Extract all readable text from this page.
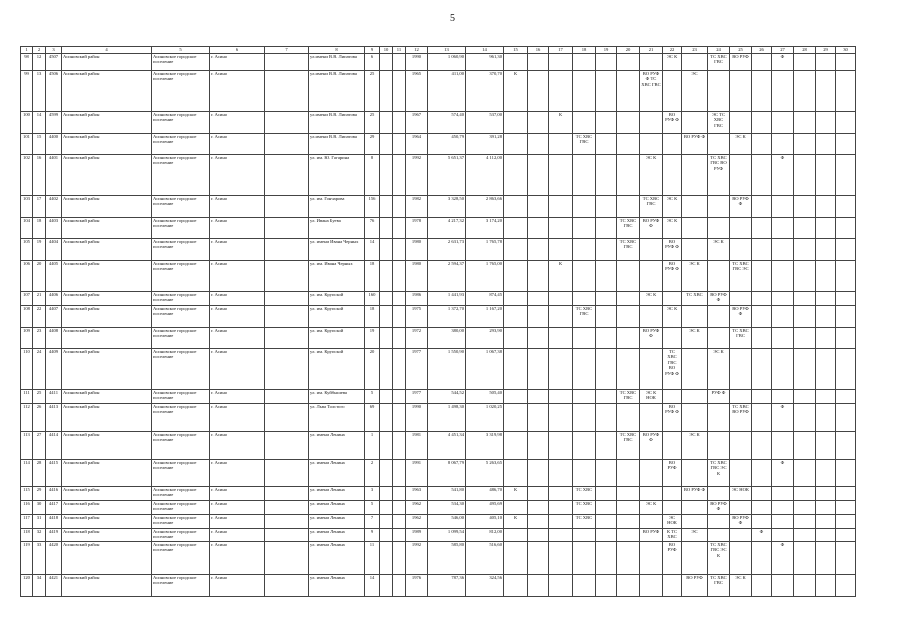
5
1	2	3	4	5	6	7	8	9	10	11	12	13	14	15	16	17	18	19	20	21	22	23	24	25	26	27	28	29	30
98	12	4507	Асиновский район	Асиновское городское поселение	г. Асино		ул.имени В.В. Липатова	6			1990	1 060,90	961,30								ЭС К		ТС ХВС ГВС	ВО РУФ		Ф			
99	13	4506	Асиновский район	Асиновское городское поселение	г. Асино		ул.имени В.В. Липатова	25			1965	411,00	370,70	К						ВО РУФ Ф ТС ХВС ГВС		ЭС							
100	14	4599	Асиновский район	Асиновское городское поселение	г. Асино		ул.имени В.В. Липатова	25			1967	574,40	537,00			К					ВО РУФ Ф		ЭС ТС ХВС ГВС						
101	15	4400	Асиновский район	Асиновское городское поселение	г. Асино		ул.имени В.В. Липатова	29			1964	450,79	391,28				ТС ХВС ГВС					ВО РУФ Ф		ЭС К					
102	16	4401	Асиновский район	Асиновское городское поселение	г. Асино		ул. им. Ю. Гагарина	8			1992	5 651,37	4 112,00							ЭС К			ТС ХВС ГВС ВО РУФ			Ф			
103	17	4402	Асиновский район	Асиновское городское поселение	г. Асино		ул. им. Гончарова	156			1982	3 328,50	2 863,66							ТС ХВС ГВС	ЭС К			ВО РУФ Ф					
104	18	4403	Асиновский район	Асиновское городское поселение	г. Асино		ул. Ивана Буева	76			1978	4 217,32	3 174,20						ТС ХВС ГВС	ВО РУФ Ф	ЭС К								
105	19	4404	Асиновский район	Асиновское городское поселение	г. Асино		ул. имени Ивана Черных	14			1980	2 631,73	1 765,78						ТС ХВС ГВС		ВО РУФ Ф		ЭС К						
106	20	4405	Асиновский район	Асиновское городское поселение	г. Асино		ул. им. Ивана Черных	18			1980	2 594,37	1 765,00			К					ВО РУФ Ф	ЭС К		ТС ХВС ГВС ЭС					
107	21	4406	Асиновский район	Асиновское городское поселение	г. Асино		ул. им. Крупской	160			1986	1 441,93	874,45							ЭС К		ТС ХВС	ВО РУФ Ф						
108	22	4407	Асиновский район	Асиновское городское поселение	г. Асино		ул. им. Крупской	18			1975	1 372,70	1 167,20				ТС ХВС ГВС				ЭС К			ВО РУФ Ф					
109	23	4408	Асиновский район	Асиновское городское поселение	г. Асино		ул. им. Крупской	19			1972	380,00	293,90							ВО РУФ Ф		ЭС К		ТС ХВС ГВС					
110	24	4409	Асиновский район	Асиновское городское поселение	г. Асино		ул. им. Крупской	20			1977	1 550,90	1 067,38								ТС ХВС ГВС ВО РУФ Ф		ЭС К						
111	25	4411	Асиновский район	Асиновское городское поселение	г. Асино		ул. им. Куйбышева	5			1977	544,52	505,40						ТС ХВС ГВС	ЭС К НОК			РУФ Ф						
112	26	4413	Асиновский район	Асиновское городское поселение	г. Асино		ул. Льва Толстого	69			1990	1 498,30	1 020,25								ВО РУФ Ф			ТС ХВС ВО РУФ		Ф			
113	27	4414	Асиновский район	Асиновское городское поселение	г. Асино		ул. имени Ленина	1			1981	4 451,34	3 319,98						ТС ХВС ГВС	ВО РУФ Ф		ЭС К							
114	28	4415	Асиновский район	Асиновское городское поселение	г. Асино		ул. имени Ленина	2			1991	8 067,79	5 263,65								ВО РУФ		ТС ХВС ГВС ЭС К			Ф			
115	29	4416	Асиновский район	Асиновское городское поселение	г. Асино		ул. имени Ленина	3			1963	541,80	486,70	К			ТС ХВС					ВО РУФ Ф		ЭС НОК					
116	30	4417	Асиновский район	Асиновское городское поселение	г. Асино		ул. имени Ленина	5			1962	534,30	495,69				ТС ХВС			ЭС К			ВО РУФ Ф						
117	31	4418	Асиновский район	Асиновское городское поселение	г. Асино		ул. имени Ленина	7			1962	546,00	405,10	К			ТС ХВС				ЭС НОК			ВО РУФ Ф					
118	32	4419	Асиновский район	Асиновское городское поселение	г. Асино		ул. имени Ленина	9			1989	1 099,54	812,00							ВО РУФ	К ТС ХВС	ЭС			Ф				
119	33	4420	Асиновский район	Асиновское городское поселение	г. Асино		ул. имени Ленина	11			1992	585,80	516,60								ВО РУФ		ТС ХВС ГВС ЭС К			Ф			
120	34	4421	Асиновский район	Асиновское городское поселение	г. Асино		ул. имени Ленина	14			1976	787,36	324,56									ВО РУФ	ТС ХВС ГВС	ЭС К					
